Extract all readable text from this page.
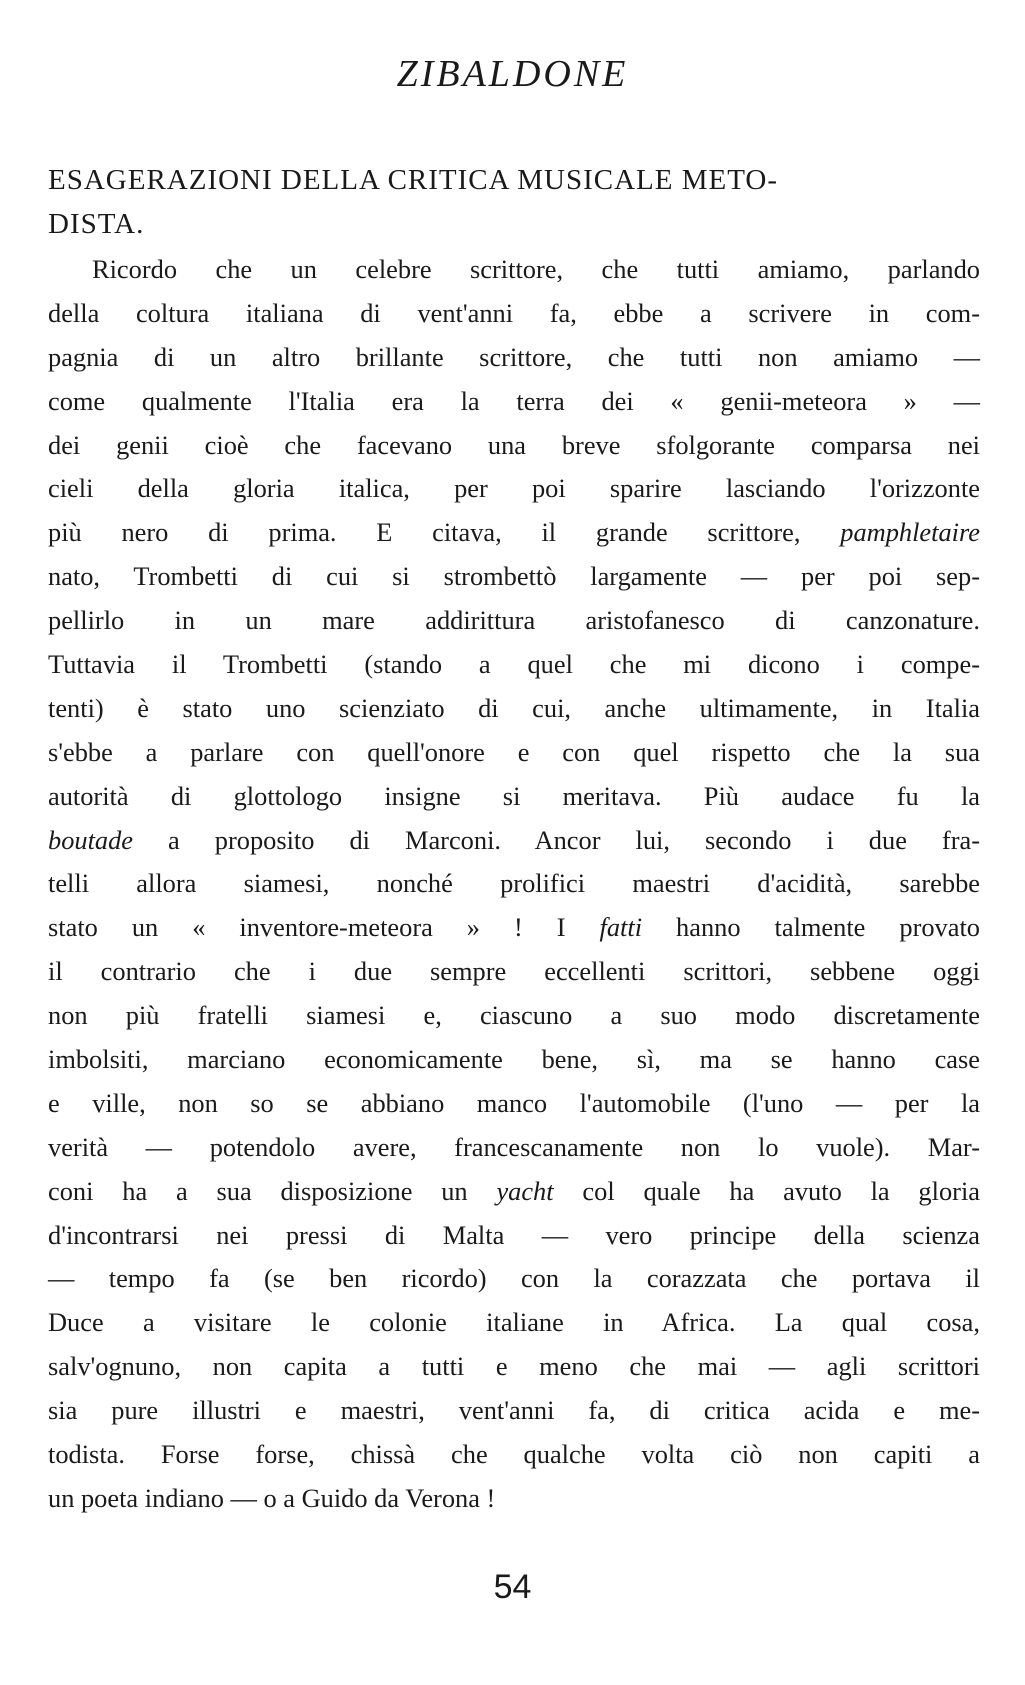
ZIBALDONE
ESAGERAZIONI DELLA CRITICA MUSICALE METO-
DISTA.
Ricordo che un celebre scrittore, che tutti amiamo, parlando
della coltura italiana di vent'anni fa, ebbe a scrivere in com-
pagnia di un altro brillante scrittore, che tutti non amiamo —
come qualmente l'Italia era la terra dei « genii-meteora » —
dei genii cioè che facevano una breve sfolgorante comparsa nei
cieli della gloria italica, per poi sparire lasciando l'orizzonte
più nero di prima. E citava, il grande scrittore, pamphletaire
nato, Trombetti di cui si strombettò largamente — per poi sep-
pellirlo in un mare addirittura aristofanesco di canzonature.
Tuttavia il Trombetti (stando a quel che mi dicono i compe-
tenti) è stato uno scienziato di cui, anche ultimamente, in Italia
s'ebbe a parlare con quell'onore e con quel rispetto che la sua
autorità di glottologo insigne si meritava. Più audace fu la
boutade a proposito di Marconi. Ancor lui, secondo i due fra-
telli allora siamesi, nonché prolifici maestri d'acidità, sarebbe
stato un « inventore-meteora » ! I fatti hanno talmente provato
il contrario che i due sempre eccellenti scrittori, sebbene oggi
non più fratelli siamesi e, ciascuno a suo modo discretamente
imbolsiti, marciano economicamente bene, sì, ma se hanno case
e ville, non so se abbiano manco l'automobile (l'uno — per la
verità — potendolo avere, francescanamente non lo vuole). Mar-
coni ha a sua disposizione un yacht col quale ha avuto la gloria
d'incontrarsi nei pressi di Malta — vero principe della scienza
— tempo fa (se ben ricordo) con la corazzata che portava il
Duce a visitare le colonie italiane in Africa. La qual cosa,
salv'ognuno, non capita a tutti e meno che mai — agli scrittori
sia pure illustri e maestri, vent'anni fa, di critica acida e me-
todista. Forse forse, chissà che qualche volta ciò non capiti a
un poeta indiano — o a Guido da Verona !
54
